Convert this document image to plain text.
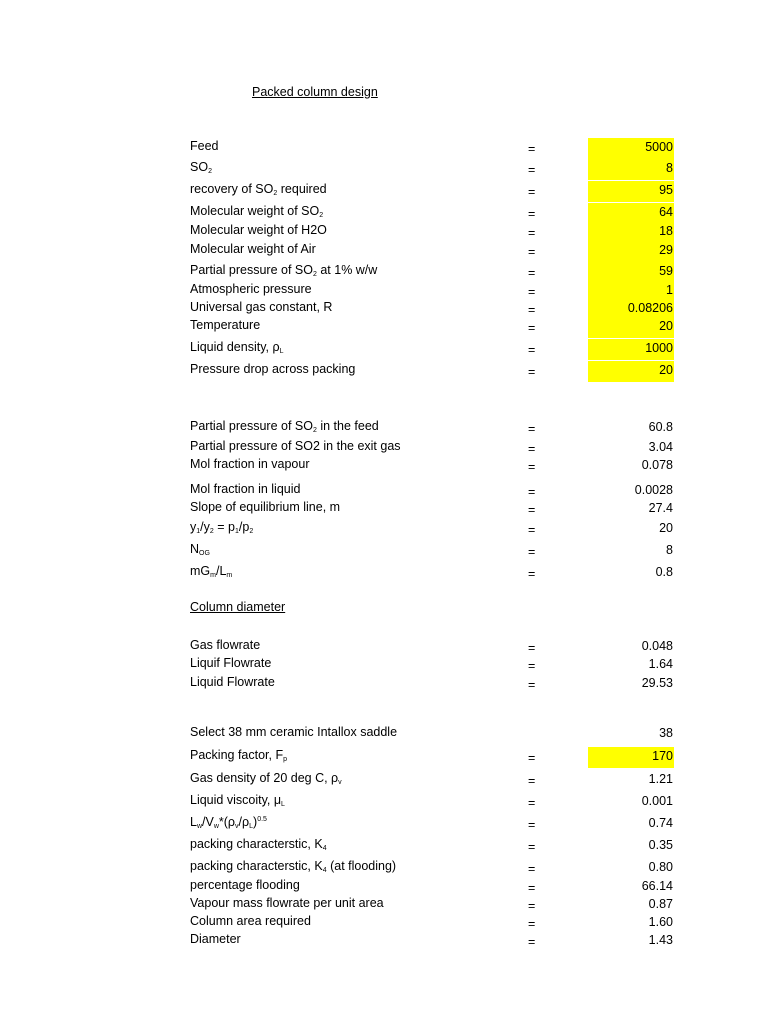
Packed column design
Feed	=	5000
$SO_2$	=	8
recovery of $SO_2$ required	=	95
Molecular weight of $SO_2$	=	64
Molecular weight of H2O	=	18
Molecular weight of Air	=	29
Partial pressure of $SO_2$ at 1% w/w	=	59
Atmospheric pressure	=	1
Universal gas constant, R	=	0.08206
Temperature	=	20
Liquid density, $\rho_L$	=	1000
Pressure drop across packing	=	20
Partial pressure of $SO_2$ in the feed	=	60.8
Partial pressure of SO2 in the exit gas	=	3.04
Mol fraction in vapour	=	0.078
Mol fraction in liquid	=	0.0028
Slope of equilibrium line, m	=	27.4
$y_1/y_2 = p_1/p_2$	=	20
$N_{OG}$	=	8
$mG_m/L_m$	=	0.8
Column diameter
Gas flowrate	=	0.048
Liquif Flowrate	=	1.64
Liquid Flowrate	=	29.53
Select 38 mm ceramic Intallox saddle	38
Packing factor, $F_p$	=	170
Gas density of 20 deg C, $\rho_v$	=	1.21
Liquid viscoity, $\mu_L$	=	0.001
$L_w/V_w*(\rho_v/\rho_L)^{0.5}$	=	0.74
packing characterstic, $K_4$	=	0.35
packing characterstic, $K_4$ (at flooding)	=	0.80
percentage flooding	=	66.14
Vapour mass flowrate per unit area	=	0.87
Column area required	=	1.60
Diameter	=	1.43
